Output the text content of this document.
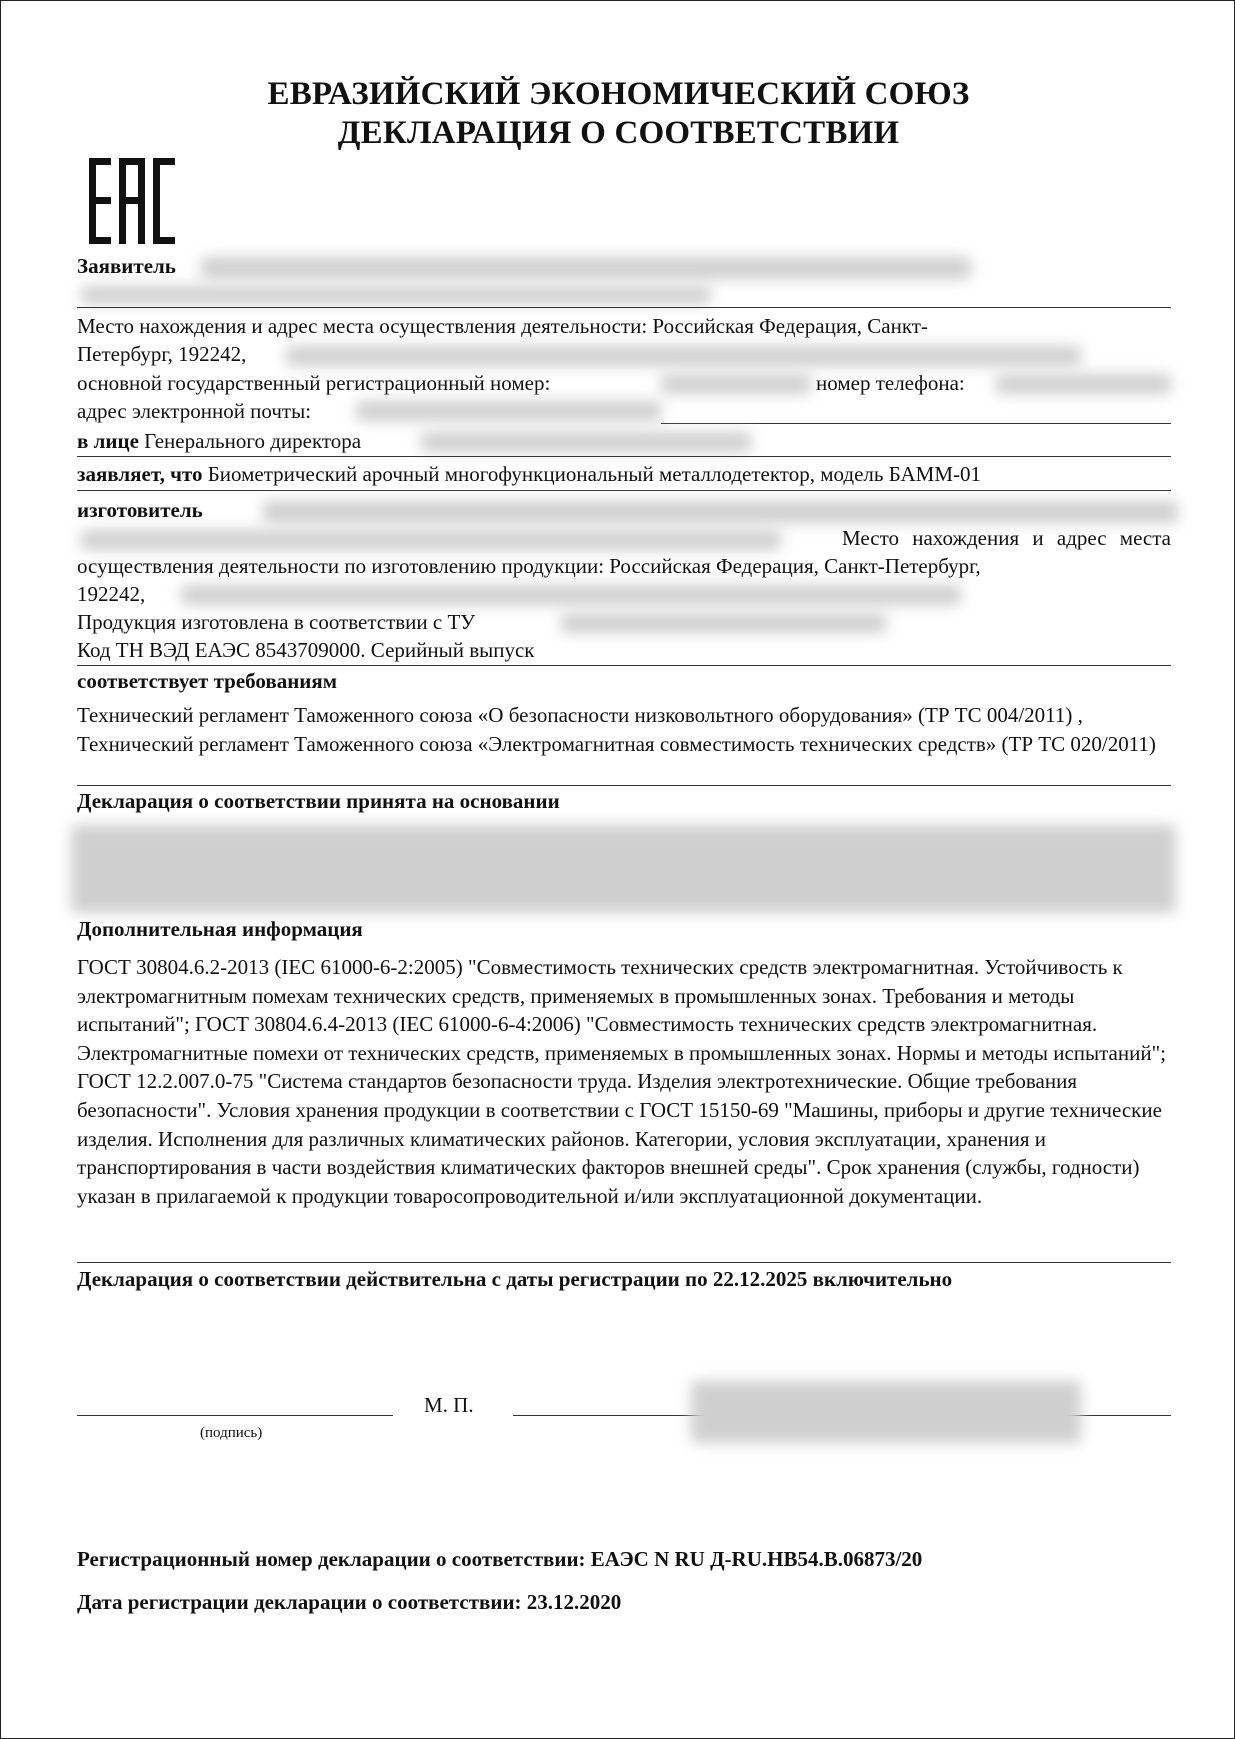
ЕВРАЗИЙСКИЙ ЭКОНОМИЧЕСКИЙ СОЮЗ
ДЕКЛАРАЦИЯ О СООТВЕТСТВИИ
Заявитель
Место нахождения и адрес места осуществления деятельности: Российская Федерация, Санкт-
Петербург, 192242,
основной государственный регистрационный номер:	номер телефона:
адрес электронной почты:
в лице Генерального директора
заявляет, что Биометрический арочный многофункциональный металлодетектор, модель БАММ-01
изготовитель
Место нахождения и адрес места
осуществления деятельности по изготовлению продукции: Российская Федерация, Санкт-Петербург,
192242,
Продукция изготовлена в соответствии с ТУ
Код ТН ВЭД ЕАЭС 8543709000. Серийный выпуск
соответствует требованиям
Технический регламент Таможенного союза «О безопасности низковольтного оборудования» (ТР ТС 004/2011) , Технический регламент Таможенного союза «Электромагнитная совместимость технических средств» (ТР ТС 020/2011)
Декларация о соответствии принята на основании
Дополнительная информация
ГОСТ 30804.6.2-2013 (IEC 61000-6-2:2005) "Совместимость технических средств электромагнитная. Устойчивость к электромагнитным помехам технических средств, применяемых в промышленных зонах. Требования и методы испытаний"; ГОСТ 30804.6.4-2013 (IEC 61000-6-4:2006) "Совместимость технических средств электромагнитная. Электромагнитные помехи от технических средств, применяемых в промышленных зонах. Нормы и методы испытаний"; ГОСТ 12.2.007.0-75 "Система стандартов безопасности труда. Изделия электротехнические. Общие требования безопасности". Условия хранения продукции в соответствии с ГОСТ 15150-69 "Машины, приборы и другие технические изделия. Исполнения для различных климатических районов. Категории, условия эксплуатации, хранения и транспортирования в части воздействия климатических факторов внешней среды". Срок хранения (службы, годности) указан в прилагаемой к продукции товаросопроводительной и/или эксплуатационной документации.
Декларация о соответствии действительна с даты регистрации по 22.12.2025 включительно
(подпись)
М. П.
Регистрационный номер декларации о соответствии: ЕАЭС N RU Д-RU.НВ54.В.06873/20
Дата регистрации декларации о соответствии: 23.12.2020
